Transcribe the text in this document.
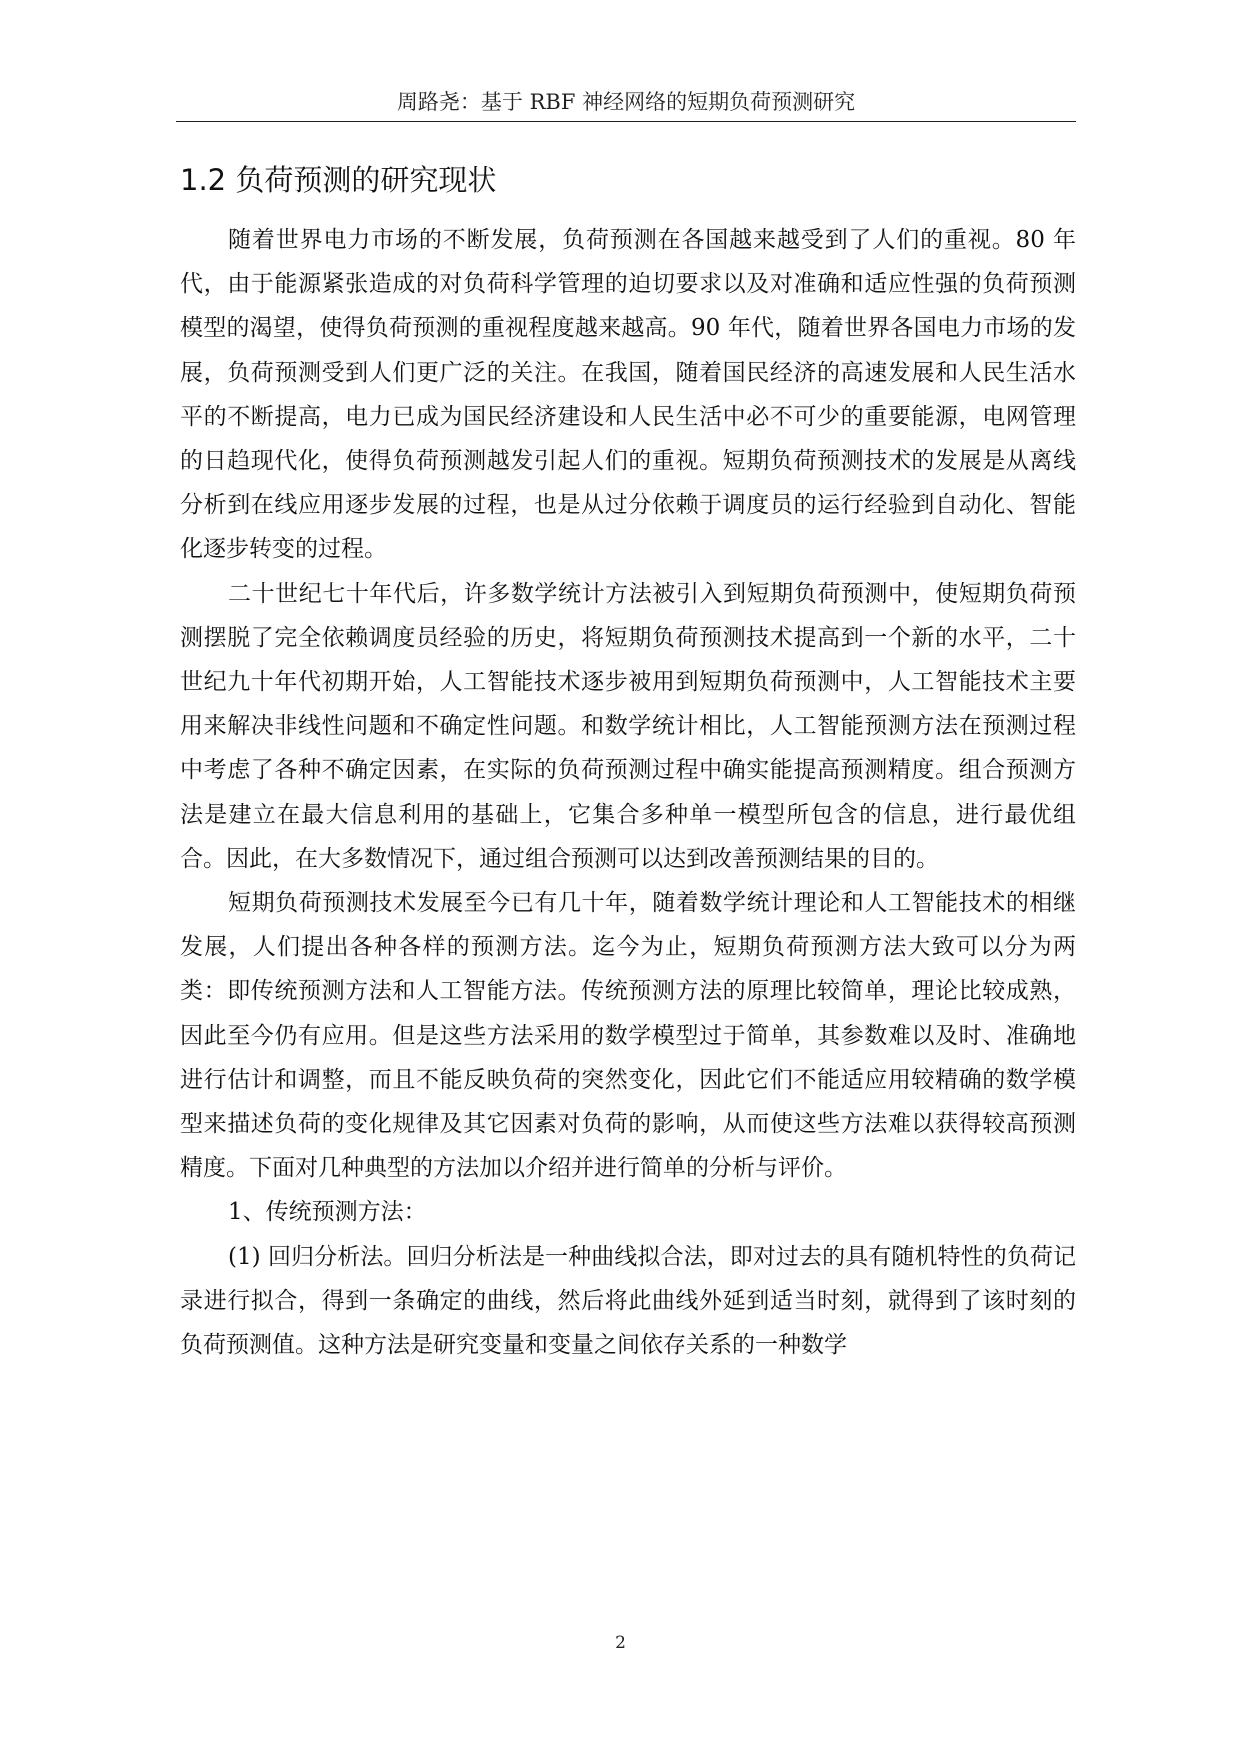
周路尧：基于 RBF 神经网络的短期负荷预测研究
1.2 负荷预测的研究现状

随着世界电力市场的不断发展，负荷预测在各国越来越受到了人们的重视。80 年代，由于能源紧张造成的对负荷科学管理的迫切要求以及对准确和适应性强的负荷预测模型的渴望，使得负荷预测的重视程度越来越高。90 年代，随着世界各国电力市场的发展，负荷预测受到人们更广泛的关注。在我国，随着国民经济的高速发展和人民生活水平的不断提高，电力已成为国民经济建设和人民生活中必不可少的重要能源，电网管理的日趋现代化，使得负荷预测越发引起人们的重视。短期负荷预测技术的发展是从离线分析到在线应用逐步发展的过程，也是从过分依赖于调度员的运行经验到自动化、智能化逐步转变的过程。

二十世纪七十年代后，许多数学统计方法被引入到短期负荷预测中，使短期负荷预测摆脱了完全依赖调度员经验的历史，将短期负荷预测技术提高到一个新的水平，二十世纪九十年代初期开始，人工智能技术逐步被用到短期负荷预测中，人工智能技术主要用来解决非线性问题和不确定性问题。和数学统计相比，人工智能预测方法在预测过程中考虑了各种不确定因素，在实际的负荷预测过程中确实能提高预测精度。组合预测方法是建立在最大信息利用的基础上，它集合多种单一模型所包含的信息，进行最优组合。因此，在大多数情况下，通过组合预测可以达到改善预测结果的目的。

短期负荷预测技术发展至今已有几十年，随着数学统计理论和人工智能技术的相继发展，人们提出各种各样的预测方法。迄今为止，短期负荷预测方法大致可以分为两类：即传统预测方法和人工智能方法。传统预测方法的原理比较简单，理论比较成熟，因此至今仍有应用。但是这些方法采用的数学模型过于简单，其参数难以及时、准确地进行估计和调整，而且不能反映负荷的突然变化，因此它们不能适应用较精确的数学模型来描述负荷的变化规律及其它因素对负荷的影响，从而使这些方法难以获得较高预测精度。下面对几种典型的方法加以介绍并进行简单的分析与评价。

1、传统预测方法：

(1) 回归分析法。回归分析法是一种曲线拟合法，即对过去的具有随机特性的负荷记录进行拟合，得到一条确定的曲线，然后将此曲线外延到适当时刻，就得到了该时刻的负荷预测值。这种方法是研究变量和变量之间依存关系的一种数学

2
